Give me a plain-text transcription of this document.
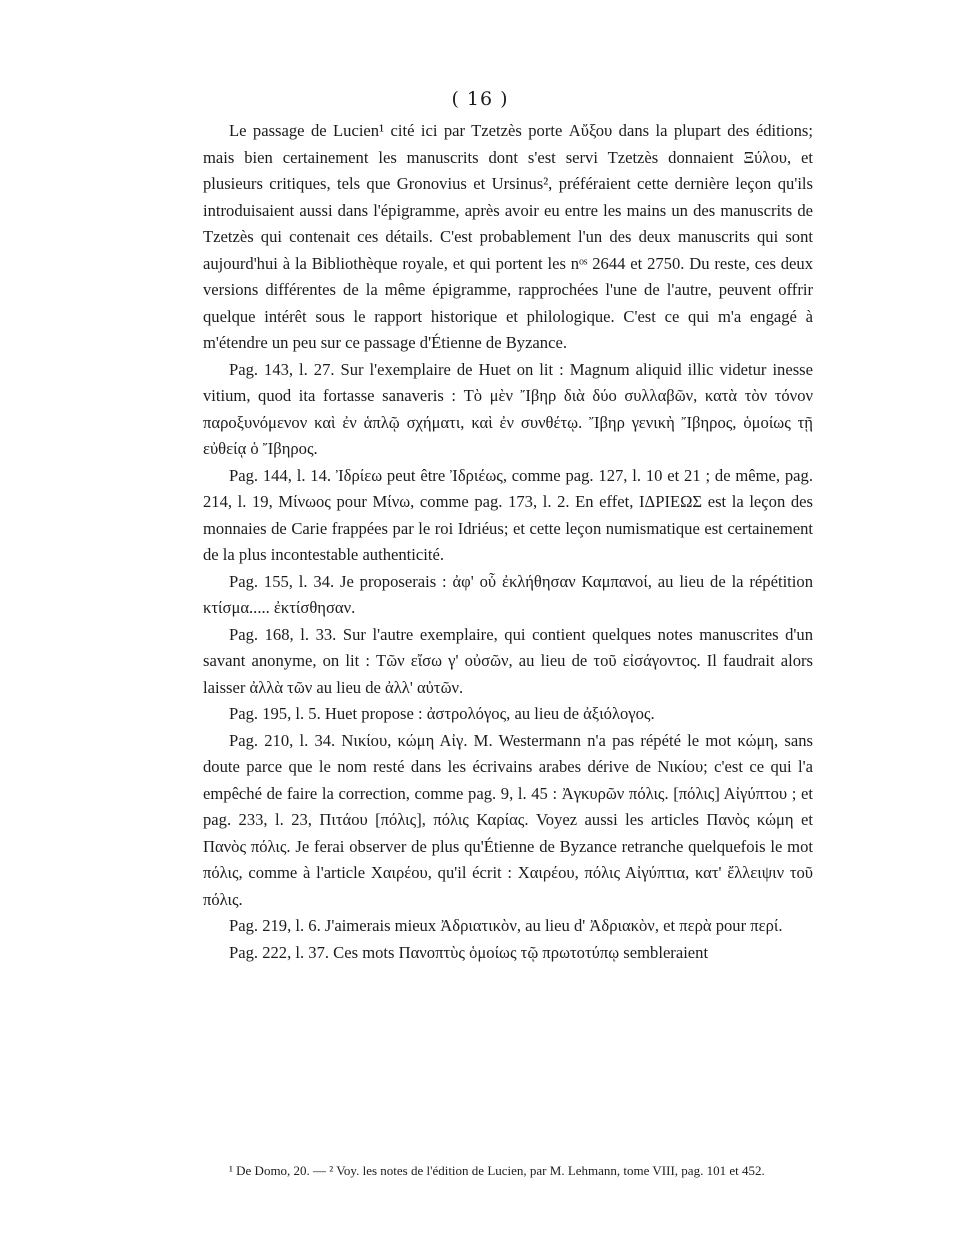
( 16 )

Le passage de Lucien¹ cité ici par Tzetzès porte Αὔξου dans la plupart des éditions; mais bien certainement les manuscrits dont s'est servi Tzetzès donnaient Ξύλου, et plusieurs critiques, tels que Gronovius et Ursinus², préféraient cette dernière leçon qu'ils introduisaient aussi dans l'épigramme, après avoir eu entre les mains un des manuscrits de Tzetzès qui contenait ces détails. C'est probablement l'un des deux manuscrits qui sont aujourd'hui à la Bibliothèque royale, et qui portent les nᵒˢ 2644 et 2750. Du reste, ces deux versions différentes de la même épigramme, rapprochées l'une de l'autre, peuvent offrir quelque intérêt sous le rapport historique et philologique. C'est ce qui m'a engagé à m'étendre un peu sur ce passage d'Étienne de Byzance.

Pag. 143, l. 27. Sur l'exemplaire de Huet on lit : Magnum aliquid illic videtur inesse vitium, quod ita fortasse sanaveris : Τὸ μὲν Ἴβηρ διὰ δύο συλλαβῶν, κατὰ τὸν τόνον παροξυνόμενον καὶ ἐν ἁπλῷ σχήματι, καὶ ἐν συνθέτῳ. Ἴβηρ γενικὴ Ἴβηρος, ὁμοίως τῇ εὐθείᾳ ὁ Ἴβηρος.

Pag. 144, l. 14. Ἰδρίεω peut être Ἰδριέως, comme pag. 127, l. 10 et 21 ; de même, pag. 214, l. 19, Μίνωος pour Μίνω, comme pag. 173, l. 2. En effet, ΙΔΡΙΕΩΣ est la leçon des monnaies de Carie frappées par le roi Idriéus; et cette leçon numismatique est certainement de la plus incontestable authenticité.

Pag. 155, l. 34. Je proposerais : ἀφ' οὗ ἐκλήθησαν Καμπανοί, au lieu de la répétition κτίσμα..... ἐκτίσθησαν.

Pag. 168, l. 33. Sur l'autre exemplaire, qui contient quelques notes manuscrites d'un savant anonyme, on lit : Τῶν εἴσω γ' οὐσῶν, au lieu de τοῦ εἰσάγοντος. Il faudrait alors laisser ἀλλὰ τῶν au lieu de ἀλλ' αὐτῶν.

Pag. 195, l. 5. Huet propose : ἀστρολόγος, au lieu de ἀξιόλογος.

Pag. 210, l. 34. Νικίου, κώμη Αἰγ. M. Westermann n'a pas répété le mot κώμη, sans doute parce que le nom resté dans les écrivains arabes dérive de Νικίου; c'est ce qui l'a empêché de faire la correction, comme pag. 9, l. 45 : Ἀγκυρῶν πόλις. [πόλις] Αἰγύπτου ; et pag. 233, l. 23, Πιτάου [πόλις], πόλις Καρίας. Voyez aussi les articles Πανὸς κώμη et Πανὸς πόλις. Je ferai observer de plus qu'Étienne de Byzance retranche quelquefois le mot πόλις, comme à l'article Χαιρέου, qu'il écrit : Χαιρέου, πόλις Αἰγύπτια, κατ' ἔλλειψιν τοῦ πόλις.

Pag. 219, l. 6. J'aimerais mieux Ἀδριατικὸν, au lieu d' Ἀδριακὸν, et περὰ pour περί.

Pag. 222, l. 37. Ces mots Πανοπτὺς ὁμοίως τῷ πρωτοτύπῳ sembleraient

¹ De Domo, 20. — ² Voy. les notes de l'édition de Lucien, par M. Lehmann, tome VIII, pag. 101 et 452.
